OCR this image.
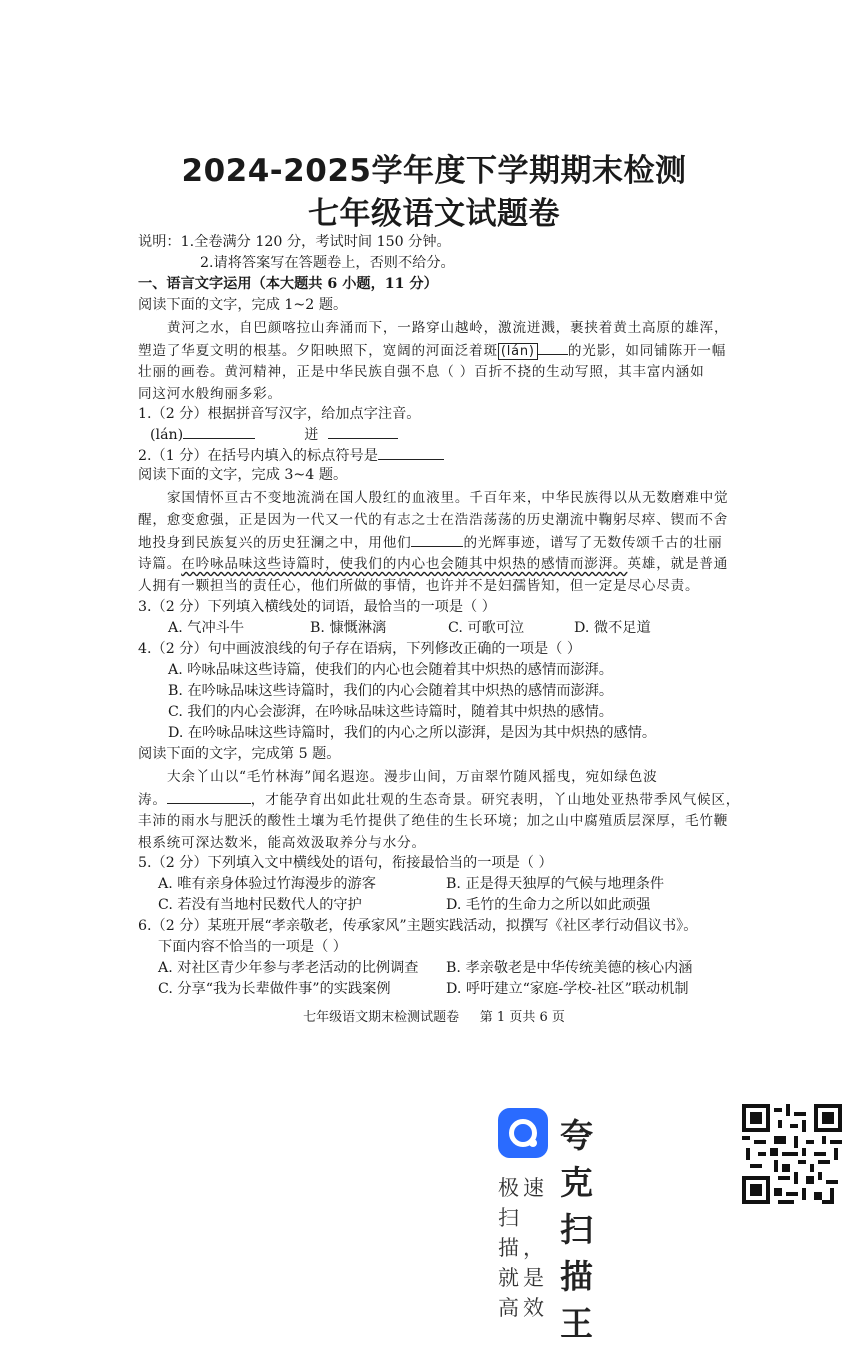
2024-2025学年度下学期期末检测
七年级语文试题卷
说明：1.全卷满分 120 分，考试时间 150 分钟。
2.请将答案写在答题卷上，否则不给分。
一、语言文字运用（本大题共 6 小题，11 分）
阅读下面的文字，完成 1~2 题。
黄河之水，自巴颜喀拉山奔涌而下，一路穿山越岭，激流迸溅，裹挟着黄土高原的雄浑，
塑造了华夏文明的根基。夕阳映照下，宽阔的河面泛着斑 (lán) 的光影，如同铺陈开一幅
壮丽的画卷。黄河精神，正是中华民族自强不息（ ）百折不挠的生动写照，其丰富内涵如
同这河水般绚丽多彩。
1.（2 分）根据拼音写汉字，给加点字注音。
(lán)	迸
2.（1 分）在括号内填入的标点符号是
阅读下面的文字，完成 3~4 题。
家国情怀亘古不变地流淌在国人殷红的血液里。千百年来，中华民族得以从无数磨难中觉
醒，愈变愈强，正是因为一代又一代的有志之士在浩浩荡荡的历史潮流中鞠躬尽瘁、锲而不舍
地投身到民族复兴的历史狂澜之中，用他们	的光辉事迹，谱写了无数传颂千古的壮丽
诗篇。在吟咏品味这些诗篇时，使我们的内心也会随其中炽热的感情而澎湃。英雄，就是普通
人拥有一颗担当的责任心，他们所做的事情，也许并不是妇孺皆知，但一定是尽心尽责。
3.（2 分）下列填入横线处的词语，最恰当的一项是（ ）
A. 气冲斗牛	B. 慷慨淋漓	C. 可歌可泣	D. 微不足道
4.（2 分）句中画波浪线的句子存在语病，下列修改正确的一项是（ ）
A. 吟咏品味这些诗篇，使我们的内心也会随着其中炽热的感情而澎湃。
B. 在吟咏品味这些诗篇时，我们的内心会随着其中炽热的感情而澎湃。
C. 我们的内心会澎湃，在吟咏品味这些诗篇时，随着其中炽热的感情。
D. 在吟咏品味这些诗篇时，我们的内心之所以澎湃，是因为其中炽热的感情。
阅读下面的文字，完成第 5 题。
大余丫山以“毛竹林海”闻名遐迩。漫步山间，万亩翠竹随风摇曳，宛如绿色波
涛。	，才能孕育出如此壮观的生态奇景。研究表明，丫山地处亚热带季风气候区，
丰沛的雨水与肥沃的酸性土壤为毛竹提供了绝佳的生长环境；加之山中腐殖质层深厚，毛竹鞭
根系统可深达数米，能高效汲取养分与水分。
5.（2 分）下列填入文中横线处的语句，衔接最恰当的一项是（ ）
A. 唯有亲身体验过竹海漫步的游客	B. 正是得天独厚的气候与地理条件
C. 若没有当地村民数代人的守护	D. 毛竹的生命力之所以如此顽强
6.（2 分）某班开展“孝亲敬老，传承家风”主题实践活动，拟撰写《社区孝行动倡议书》。
下面内容不恰当的一项是（ ）
A. 对社区青少年参与孝老活动的比例调查 B. 孝亲敬老是中华传统美德的核心内涵
C. 分享“我为长辈做件事”的实践案例	D. 呼吁建立“家庭-学校-社区”联动机制
七年级语文期末检测试题卷     第 1 页共 6 页
夸克扫描王
极速扫描，就是高效
